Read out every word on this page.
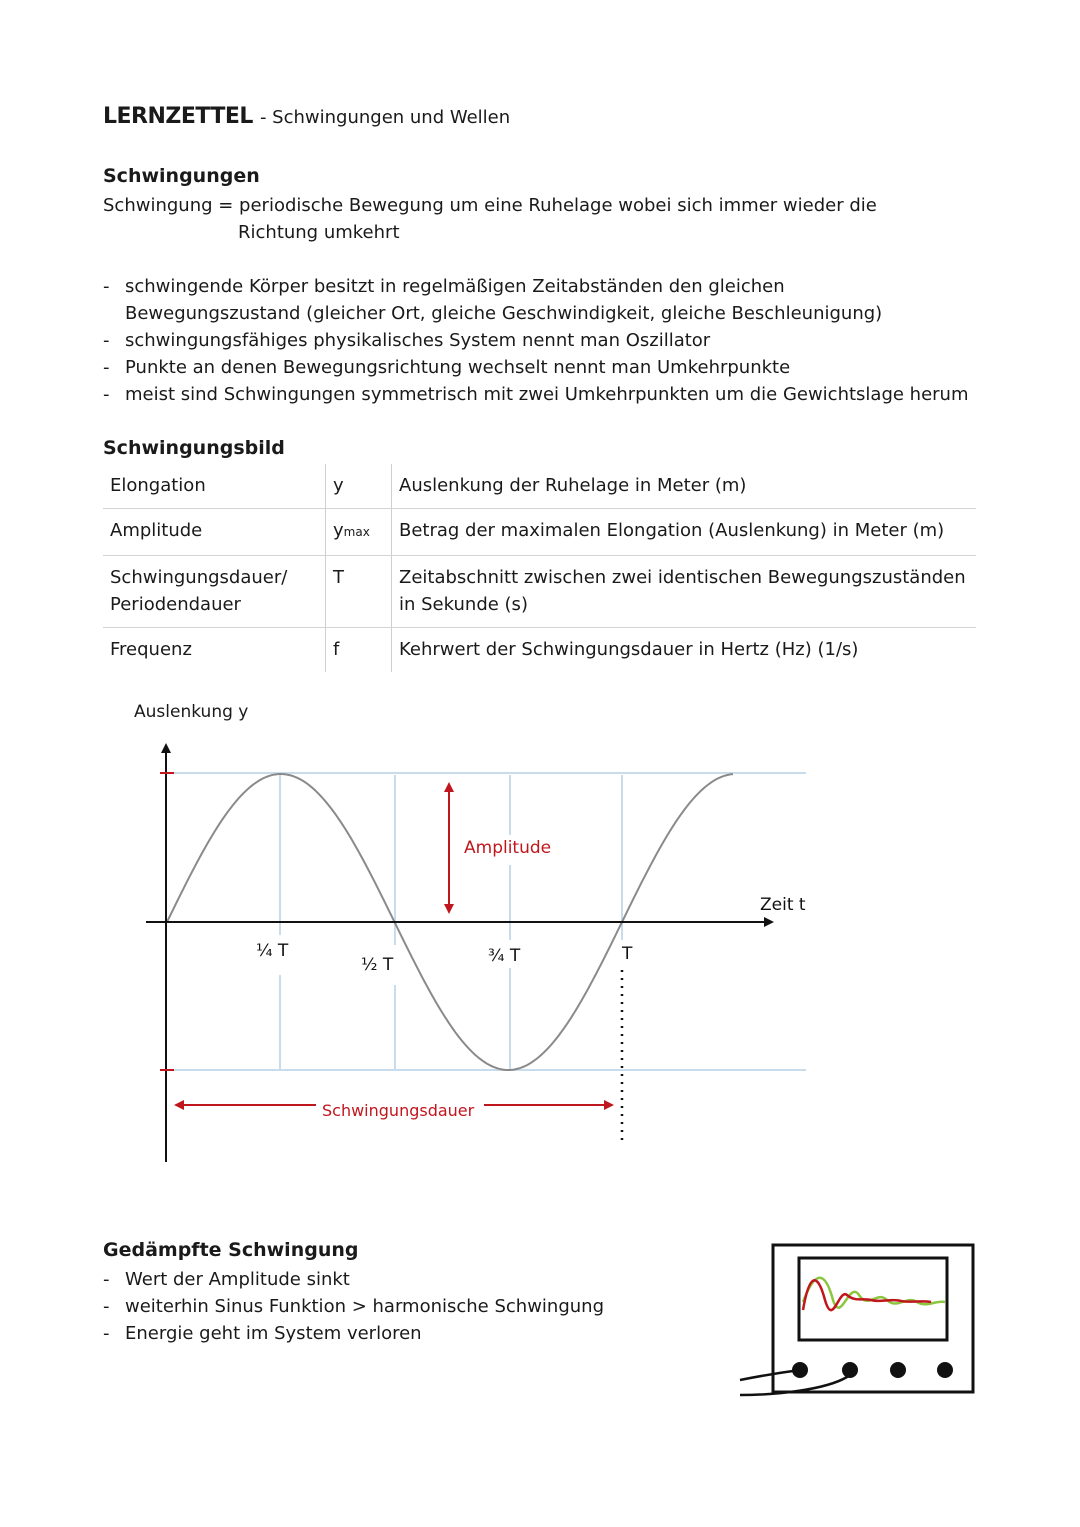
LERNZETTEL - Schwingungen und Wellen
Schwingungen
Schwingung = periodische Bewegung um eine Ruhelage wobei sich immer wieder die
Richtung umkehrt
- schwingende Körper besitzt in regelmäßigen Zeitabständen den gleichen
Bewegungszustand (gleicher Ort, gleiche Geschwindigkeit, gleiche Beschleunigung)
- schwingungsfähiges physikalisches System nennt man Oszillator
- Punkte an denen Bewegungsrichtung wechselt nennt man Umkehrpunkte
- meist sind Schwingungen symmetrisch mit zwei Umkehrpunkten um die Gewichtslage herum
Schwingungsbild
Elongation	y	Auslenkung der Ruhelage in Meter (m)
Amplitude	ymax	Betrag der maximalen Elongation (Auslenkung) in Meter (m)
Schwingungsdauer/
Periodendauer	T	Zeitabschnitt zwischen zwei identischen Bewegungszuständen
in Sekunde (s)
Frequenz	f	Kehrwert der Schwingungsdauer in Hertz (Hz) (1/s)
Auslenkung y
¼ T
½ T	¾ T	T
Zeit t
Amplitude
Schwingungsdauer
Gedämpfte Schwingung
- Wert der Amplitude sinkt
- weiterhin Sinus Funktion > harmonische Schwingung
- Energie geht im System verloren
